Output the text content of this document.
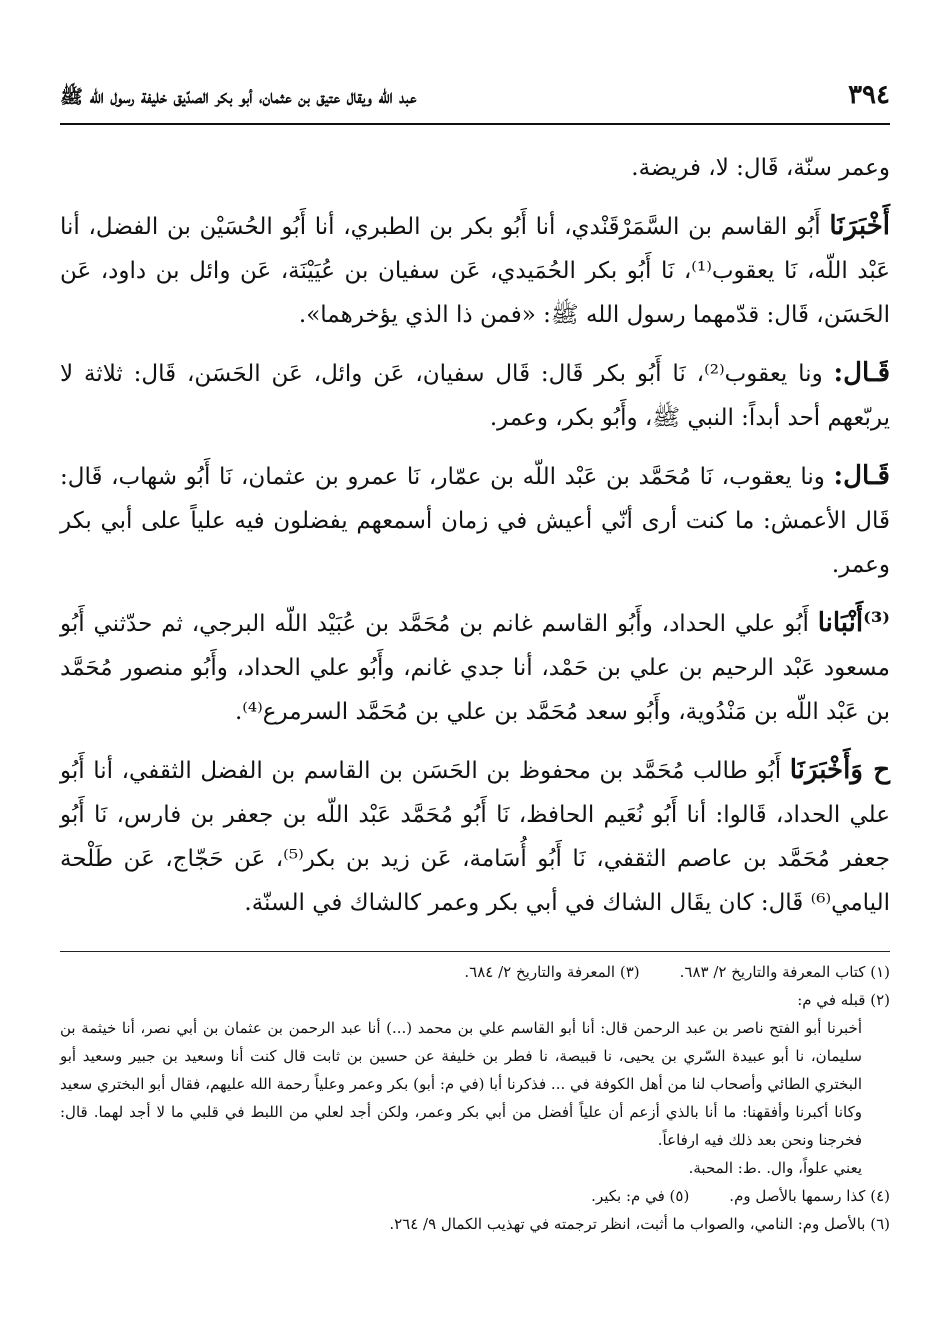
٣٩٤
عبد الله ويقال عتيق بن عثمان، أبو بكر الصدّيق خليفة رسول الله ﷺ

وعمر سنّة، قَال: لا، فريضة.

أَخْبَرَنَا أَبُو القاسم بن السَّمَرْقَنْدي، أنا أَبُو بكر بن الطبري، أنا أَبُو الحُسَيْن بن الفضل، أنا عَبْد اللّه، نَا يعقوب⁽¹⁾، نَا أَبُو بكر الحُمَيدي، عَن سفيان بن عُيَيْنَة، عَن وائل بن داود، عَن الحَسَن، قَال: قدّمهما رسول الله ﷺ: «فمن ذا الذي يؤخرهما».

قَـال: ونا يعقوب⁽²⁾، نَا أَبُو بكر قَال: قَال سفيان، عَن وائل، عَن الحَسَن، قَال: ثلاثة لا يربّعهم أحد أبداً: النبي ﷺ، وأَبُو بكر، وعمر.

قَـال: ونا يعقوب، نَا مُحَمَّد بن عَبْد اللّه بن عمّار، نَا عمرو بن عثمان، نَا أَبُو شهاب، قَال: قَال الأعمش: ما كنت أرى أنّي أعيش في زمان أسمعهم يفضلون فيه علياً على أبي بكر وعمر.

⁽³⁾أَنْبَانا أَبُو علي الحداد، وأَبُو القاسم غانم بن مُحَمَّد بن عُبَيْد اللّه البرجي، ثم حدّثني أَبُو مسعود عَبْد الرحيم بن علي بن حَمْد، أنا جدي غانم، وأَبُو علي الحداد، وأَبُو منصور مُحَمَّد بن عَبْد اللّه بن مَنْدُوية، وأَبُو سعد مُحَمَّد بن علي بن مُحَمَّد السرمرع⁽⁴⁾.

ح وَأَخْبَرَنَا أَبُو طالب مُحَمَّد بن محفوظ بن الحَسَن بن القاسم بن الفضل الثقفي، أنا أَبُو علي الحداد، قَالوا: أنا أَبُو نُعَيم الحافظ، نَا أَبُو مُحَمَّد عَبْد اللّه بن جعفر بن فارس، نَا أَبُو جعفر مُحَمَّد بن عاصم الثقفي، نَا أَبُو أُسَامة، عَن زيد بن بكر⁽⁵⁾، عَن حَجّاج، عَن طَلْحة اليامي⁽⁶⁾ قَال: كان يقَال الشاك في أبي بكر وعمر كالشاك في السنّة.

(١) كتاب المعرفة والتاريخ ٢/ ٦٨٣.
(٣) المعرفة والتاريخ ٢/ ٦٨٤.
(٢) قبله في م:
أخبرنا أبو الفتح ناصر بن عبد الرحمن قال: أنا أبو القاسم علي بن محمد (...) أنا عبد الرحمن بن عثمان بن أبي نصر، أنا خيثمة بن سليمان، نا أبو عبيدة السّري بن يحيى، نا قبيصة، نا فطر بن خليفة عن حسين بن ثابت قال كنت أنا وسعيد بن جبير وسعيد أبو البختري الطائي وأصحاب لنا من أهل الكوفة في ... فذكرنا أبا (في م: أبو) بكر وعمر وعلياً رحمة الله عليهم، فقال أبو البختري سعيد وكانا أكبرنا وأفقهنا: ما أنا بالذي أزعم أن علياً أفضل من أبي بكر وعمر، ولكن أجد لعلي من اللبط في قلبي ما لا أجد لهما. قال: فخرجنا ونحن بعد ذلك فيه ارفاعاً.
يعني علواً، وال. .ط: المحبة.
(٤) كذا رسمها بالأصل وم.
(٥) في م: بكير.
(٦) بالأصل وم: النامي، والصواب ما أثبت، انظر ترجمته في تهذيب الكمال ٩/ ٢٦٤.
